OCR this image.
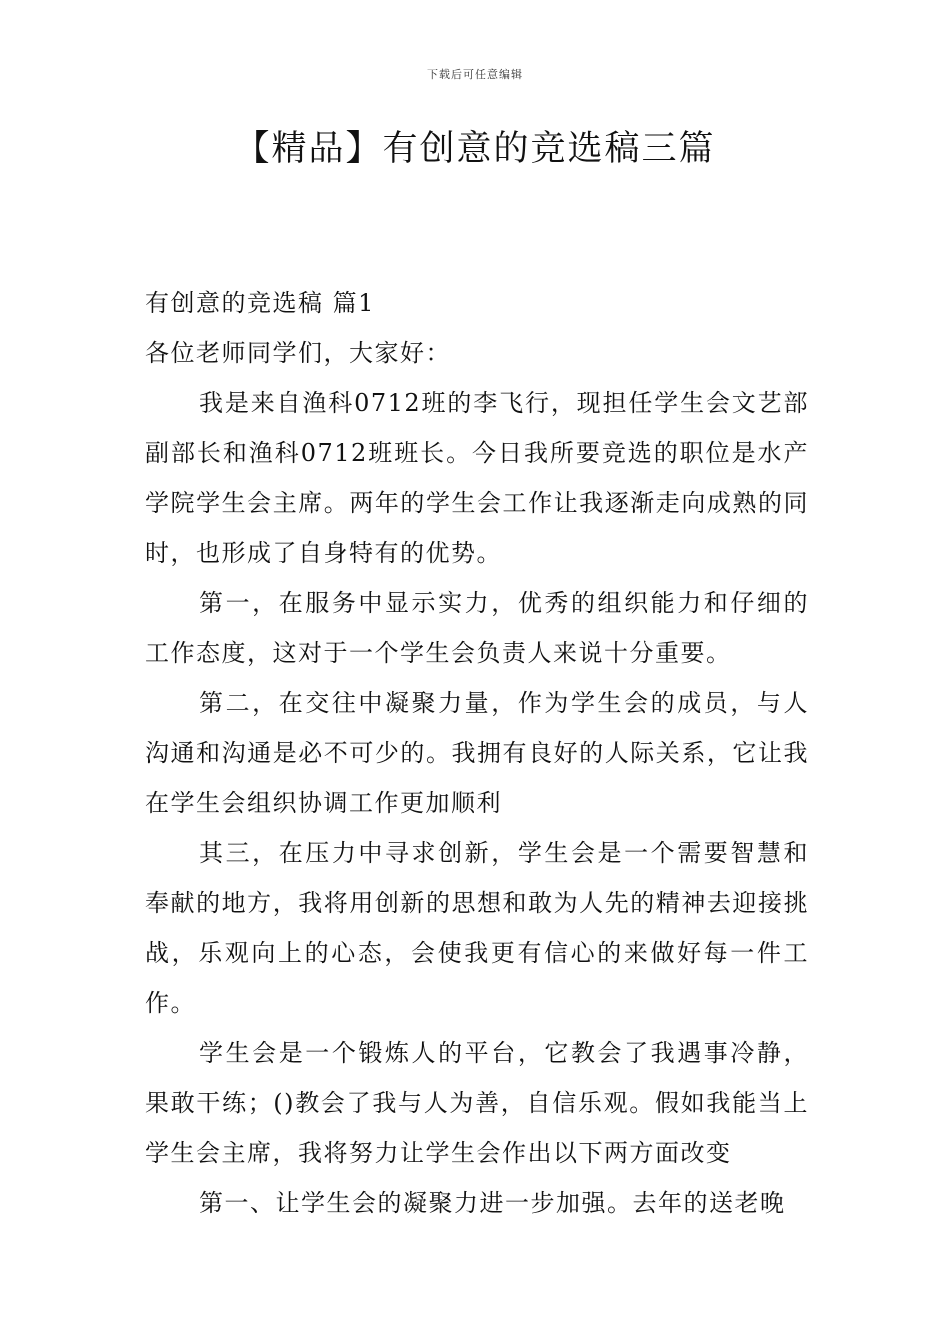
下载后可任意编辑
【精品】有创意的竞选稿三篇

有创意的竞选稿 篇1

各位老师同学们，大家好：

我是来自渔科0712班的李飞行，现担任学生会文艺部副部长和渔科0712班班长。今日我所要竞选的职位是水产学院学生会主席。两年的学生会工作让我逐渐走向成熟的同时，也形成了自身特有的优势。

第一，在服务中显示实力，优秀的组织能力和仔细的工作态度，这对于一个学生会负责人来说十分重要。

第二，在交往中凝聚力量，作为学生会的成员，与人沟通和沟通是必不可少的。我拥有良好的人际关系，它让我在学生会组织协调工作更加顺利

其三，在压力中寻求创新，学生会是一个需要智慧和奉献的地方，我将用创新的思想和敢为人先的精神去迎接挑战，乐观向上的心态，会使我更有信心的来做好每一件工作。

学生会是一个锻炼人的平台，它教会了我遇事冷静，果敢干练；()教会了我与人为善，自信乐观。假如我能当上学生会主席，我将努力让学生会作出以下两方面改变

第一、让学生会的凝聚力进一步加强。去年的送老晚
